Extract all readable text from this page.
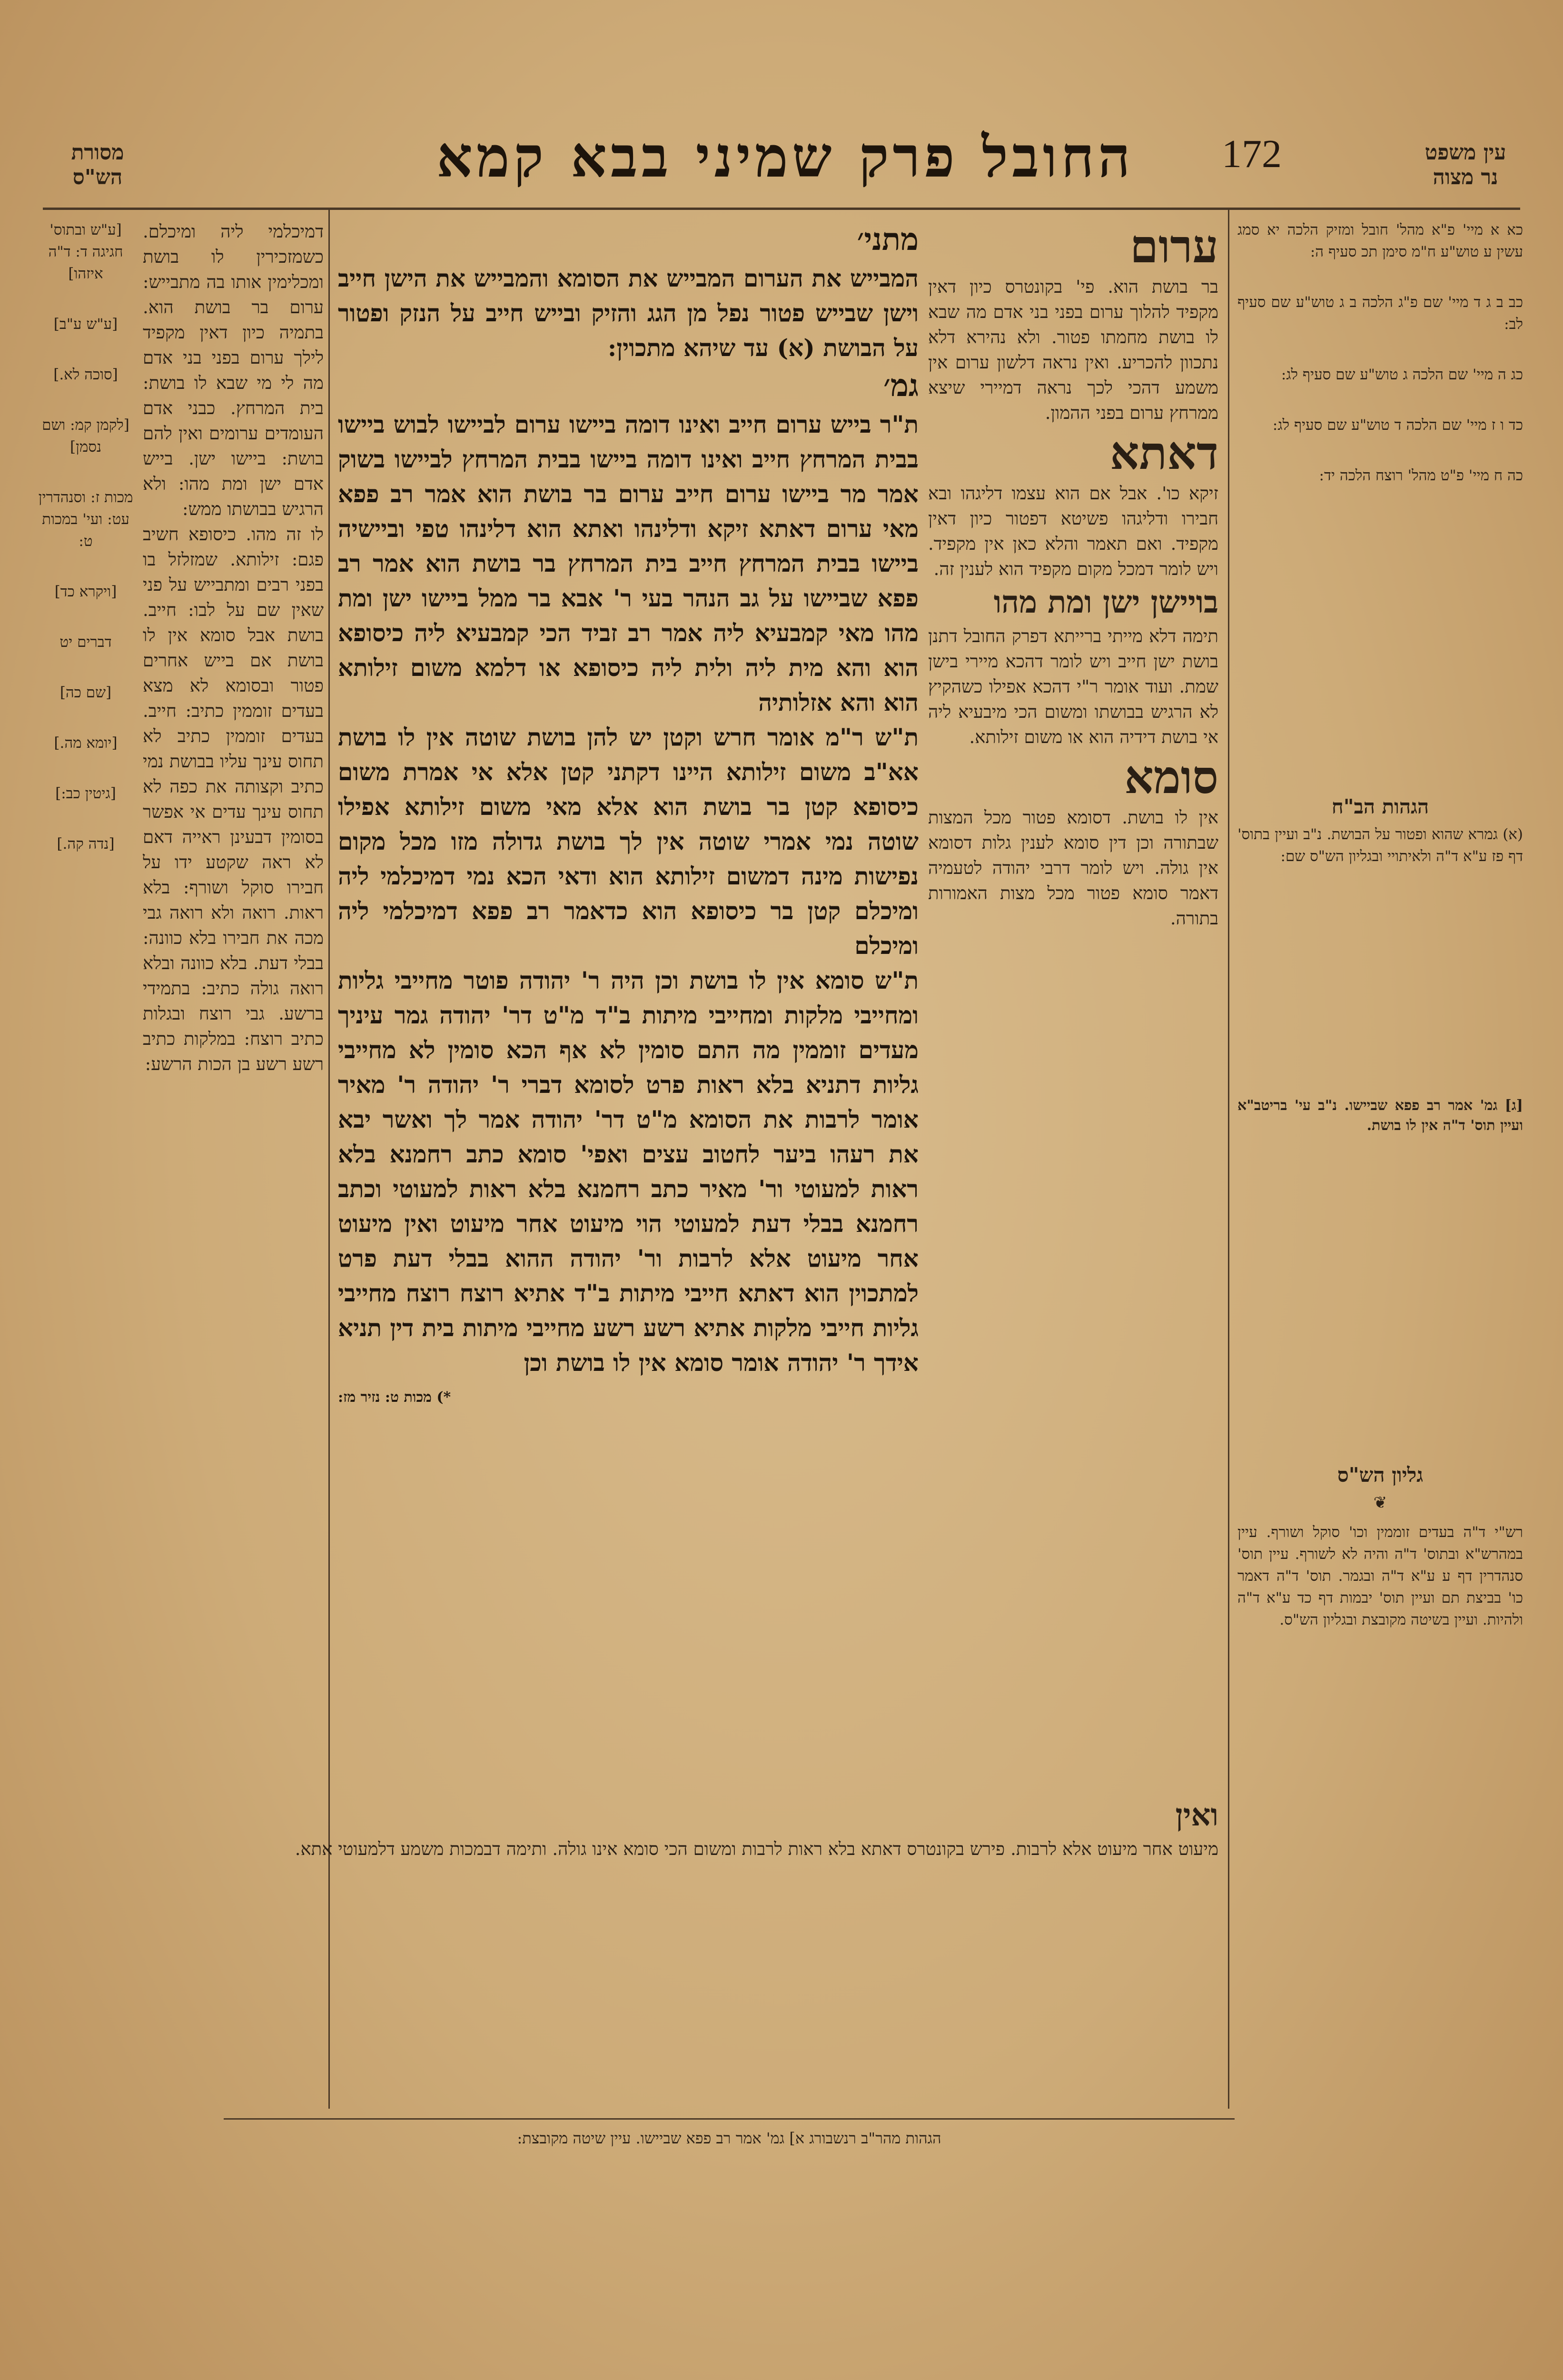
עין משפט
נר מצוה
172
החובל פרק שמיני בבא קמא
מסורת
הש"ס
כא א מיי' פ"א מהל' חובל ומזיק הלכה יא סמג עשין ע טוש"ע ח"מ סימן תכ סעיף ה:
כב ב ג ד מיי' שם פ"ג הלכה ב ג טוש"ע שם סעיף לב:
כג ה מיי' שם הלכה ג טוש"ע שם סעיף לג:
כד ו ז מיי' שם הלכה ד טוש"ע שם סעיף לג:
כה ח מיי' פ"ט מהל' רוצח הלכה יד:
הגהות הב"ח
(א) גמרא שהוא ופטור על הבושת. נ"ב ועיין בתוס' דף פז ע"א ד"ה ולאיתויי ובגליון הש"ס שם:
[ג] גמ' אמר רב פפא שביישו. נ"ב עי' בריטב"א ועיין תוס' ד"ה אין לו בושת.
גליון הש"ס
❦
רש"י ד"ה בעדים זוממין וכו' סוקל ושורף. עיין במהרש"א ובתוס' ד"ה והיה לא לשורף. עיין תוס' סנהדרין דף ע ע"א ד"ה ובגמר. תוס' ד"ה דאמר כו' בביצת תם ועיין תוס' יבמות דף כד ע"א ד"ה ולהיות. ועיין בשיטה מקובצת ובגליון הש"ס.
ערום
בר בושת הוא. פי' בקונטרס כיון דאין מקפיד להלוך ערום בפני בני אדם מה שבא לו בושת מחמתו פטור. ולא נהירא דלא נתכוון להכריע. ואין נראה דלשון ערום אין משמע דהכי לכך נראה דמיירי שיצא ממרחץ ערום בפני ההמון.
דאתא
זיקא כו'. אבל אם הוא עצמו דליגהו ובא חבירו ודליגהו פשיטא דפטור כיון דאין מקפיד. ואם תאמר והלא כאן אין מקפיד. ויש לומר דמכל מקום מקפיד הוא לענין זה.
בויישן ישן ומת מהו
תימה דלא מייתי ברייתא דפרק החובל דתנן בושת ישן חייב ויש לומר דהכא מיירי בישן שמת. ועוד אומר ר"י דהכא אפילו כשהקיץ לא הרגיש בבושתו ומשום הכי מיבעיא ליה אי בושת דידיה הוא או משום זילותא.
סומא
אין לו בושת. דסומא פטור מכל המצות שבתורה וכן דין סומא לענין גלות דסומא אין גולה. ויש לומר דרבי יהודה לטעמיה דאמר סומא פטור מכל מצות האמורות בתורה.
מתני׳
המבייש את הערום המבייש את הסומא והמבייש את הישן חייב וישן שבייש פטור נפל מן הגג והזיק ובייש חייב על הנזק ופטור על הבושת (א) עד שיהא מתכוין:
גמ׳
ת"ר בייש ערום חייב ואינו דומה ביישו ערום לביישו לבוש ביישו בבית המרחץ חייב ואינו דומה ביישו בבית המרחץ לביישו בשוק אמר מר ביישו ערום חייב ערום בר בושת הוא אמר רב פפא מאי ערום דאתא זיקא ודלינהו ואתא הוא דלינהו טפי וביישיה ביישו בבית המרחץ חייב בית המרחץ בר בושת הוא אמר רב פפא שביישו על גב הנהר בעי ר' אבא בר ממל ביישו ישן ומת מהו מאי קמבעיא ליה אמר רב זביד הכי קמבעיא ליה כיסופא הוא והא מית ליה ולית ליה כיסופא או דלמא משום זילותא הוא והא אזלותיה
ת"ש ר"מ אומר חרש וקטן יש להן בושת שוטה אין לו בושת אא"ב משום זילותא היינו דקתני קטן אלא אי אמרת משום כיסופא קטן בר בושת הוא אלא מאי משום זילותא אפילו שוטה נמי אמרי שוטה אין לך בושת גדולה מזו מכל מקום נפישות מינה דמשום זילותא הוא ודאי הכא נמי דמיכלמי ליה ומיכלם קטן בר כיסופא הוא כדאמר רב פפא דמיכלמי ליה ומיכלם
ת"ש סומא אין לו בושת וכן היה ר' יהודה פוטר מחייבי גליות ומחייבי מלקות ומחייבי מיתות ב"ד מ"ט דר' יהודה גמר עיניך מעדים זוממין מה התם סומין לא אף הכא סומין לא מחייבי גליות דתניא בלא ראות פרט לסומא דברי ר' יהודה ר' מאיר אומר לרבות את הסומא מ"ט דר' יהודה אמר לך ואשר יבא את רעהו ביער לחטוב עצים ואפי' סומא כתב רחמנא בלא ראות למעוטי ור' מאיר כתב רחמנא בלא ראות למעוטי וכתב רחמנא בבלי דעת למעוטי הוי מיעוט אחר מיעוט ואין מיעוט אחר מיעוט אלא לרבות ור' יהודה ההוא בבלי דעת פרט למתכוין הוא דאתא חייבי מיתות ב"ד אתיא רוצח רוצח מחייבי גליות חייבי מלקות אתיא רשע רשע מחייבי מיתות בית דין תניא אידך ר' יהודה אומר סומא אין לו בושת וכן
*) מכות ט: נזיר מז:
דמיכלמי ליה ומיכלם. כשמזכירין לו בושת ומכלימין אותו בה מתבייש: ערום בר בושת הוא. בתמיה כיון דאין מקפיד לילך ערום בפני בני אדם מה לי מי שבא לו בושת: בית המרחץ. כבני אדם העומדים ערומים ואין להם בושת: ביישו ישן. בייש אדם ישן ומת מהו: ולא הרגיש בבושתו ממש:
לו זה מהו. כיסופא חשיב פגם: זילותא. שמזלזל בו בפני רבים ומתבייש על פני שאין שם על לבו: חייב. בושת אבל סומא אין לו בושת אם בייש אחרים פטור ובסומא לא מצא בעדים זוממין כתיב: חייב. בעדים זוממין כתיב לא תחוס עינך עליו בבושת נמי כתיב וקצותה את כפה לא תחוס עינך עדים אי אפשר בסומין דבעינן ראייה דאם לא ראה שקטע ידו על חבירו סוקל ושורף: בלא ראות. רואה ולא רואה גבי מכה את חבירו בלא כוונה: בבלי דעת. בלא כוונה ובלא רואה גולה כתיב: בתמידי ברשע. גבי רוצח ובגלות כתיב רוצח: במלקות כתיב רשע רשע בן הכות הרשע:
[ע"ש ובתוס' חגיגה ד: ד"ה איזהו]
[ע"ש ע"ב]
[סוכה לא.]
[לקמן קמ: ושם נסמן]
מכות ז: וסנהדרין עט: ועי' במכות ט:
[ויקרא כד]
דברים יט
[שם כה]
[יומא מה.]
[גיטין כב:]
[נדה קה.]
ואין
מיעוט אחר מיעוט אלא לרבות. פירש בקונטרס דאתא בלא ראות לרבות ומשום הכי סומא אינו גולה. ותימה דבמכות משמע דלמעוטי אתא.
הגהות מהר"ב רנשבורג א] גמ' אמר רב פפא שביישו. עיין שיטה מקובצת:
